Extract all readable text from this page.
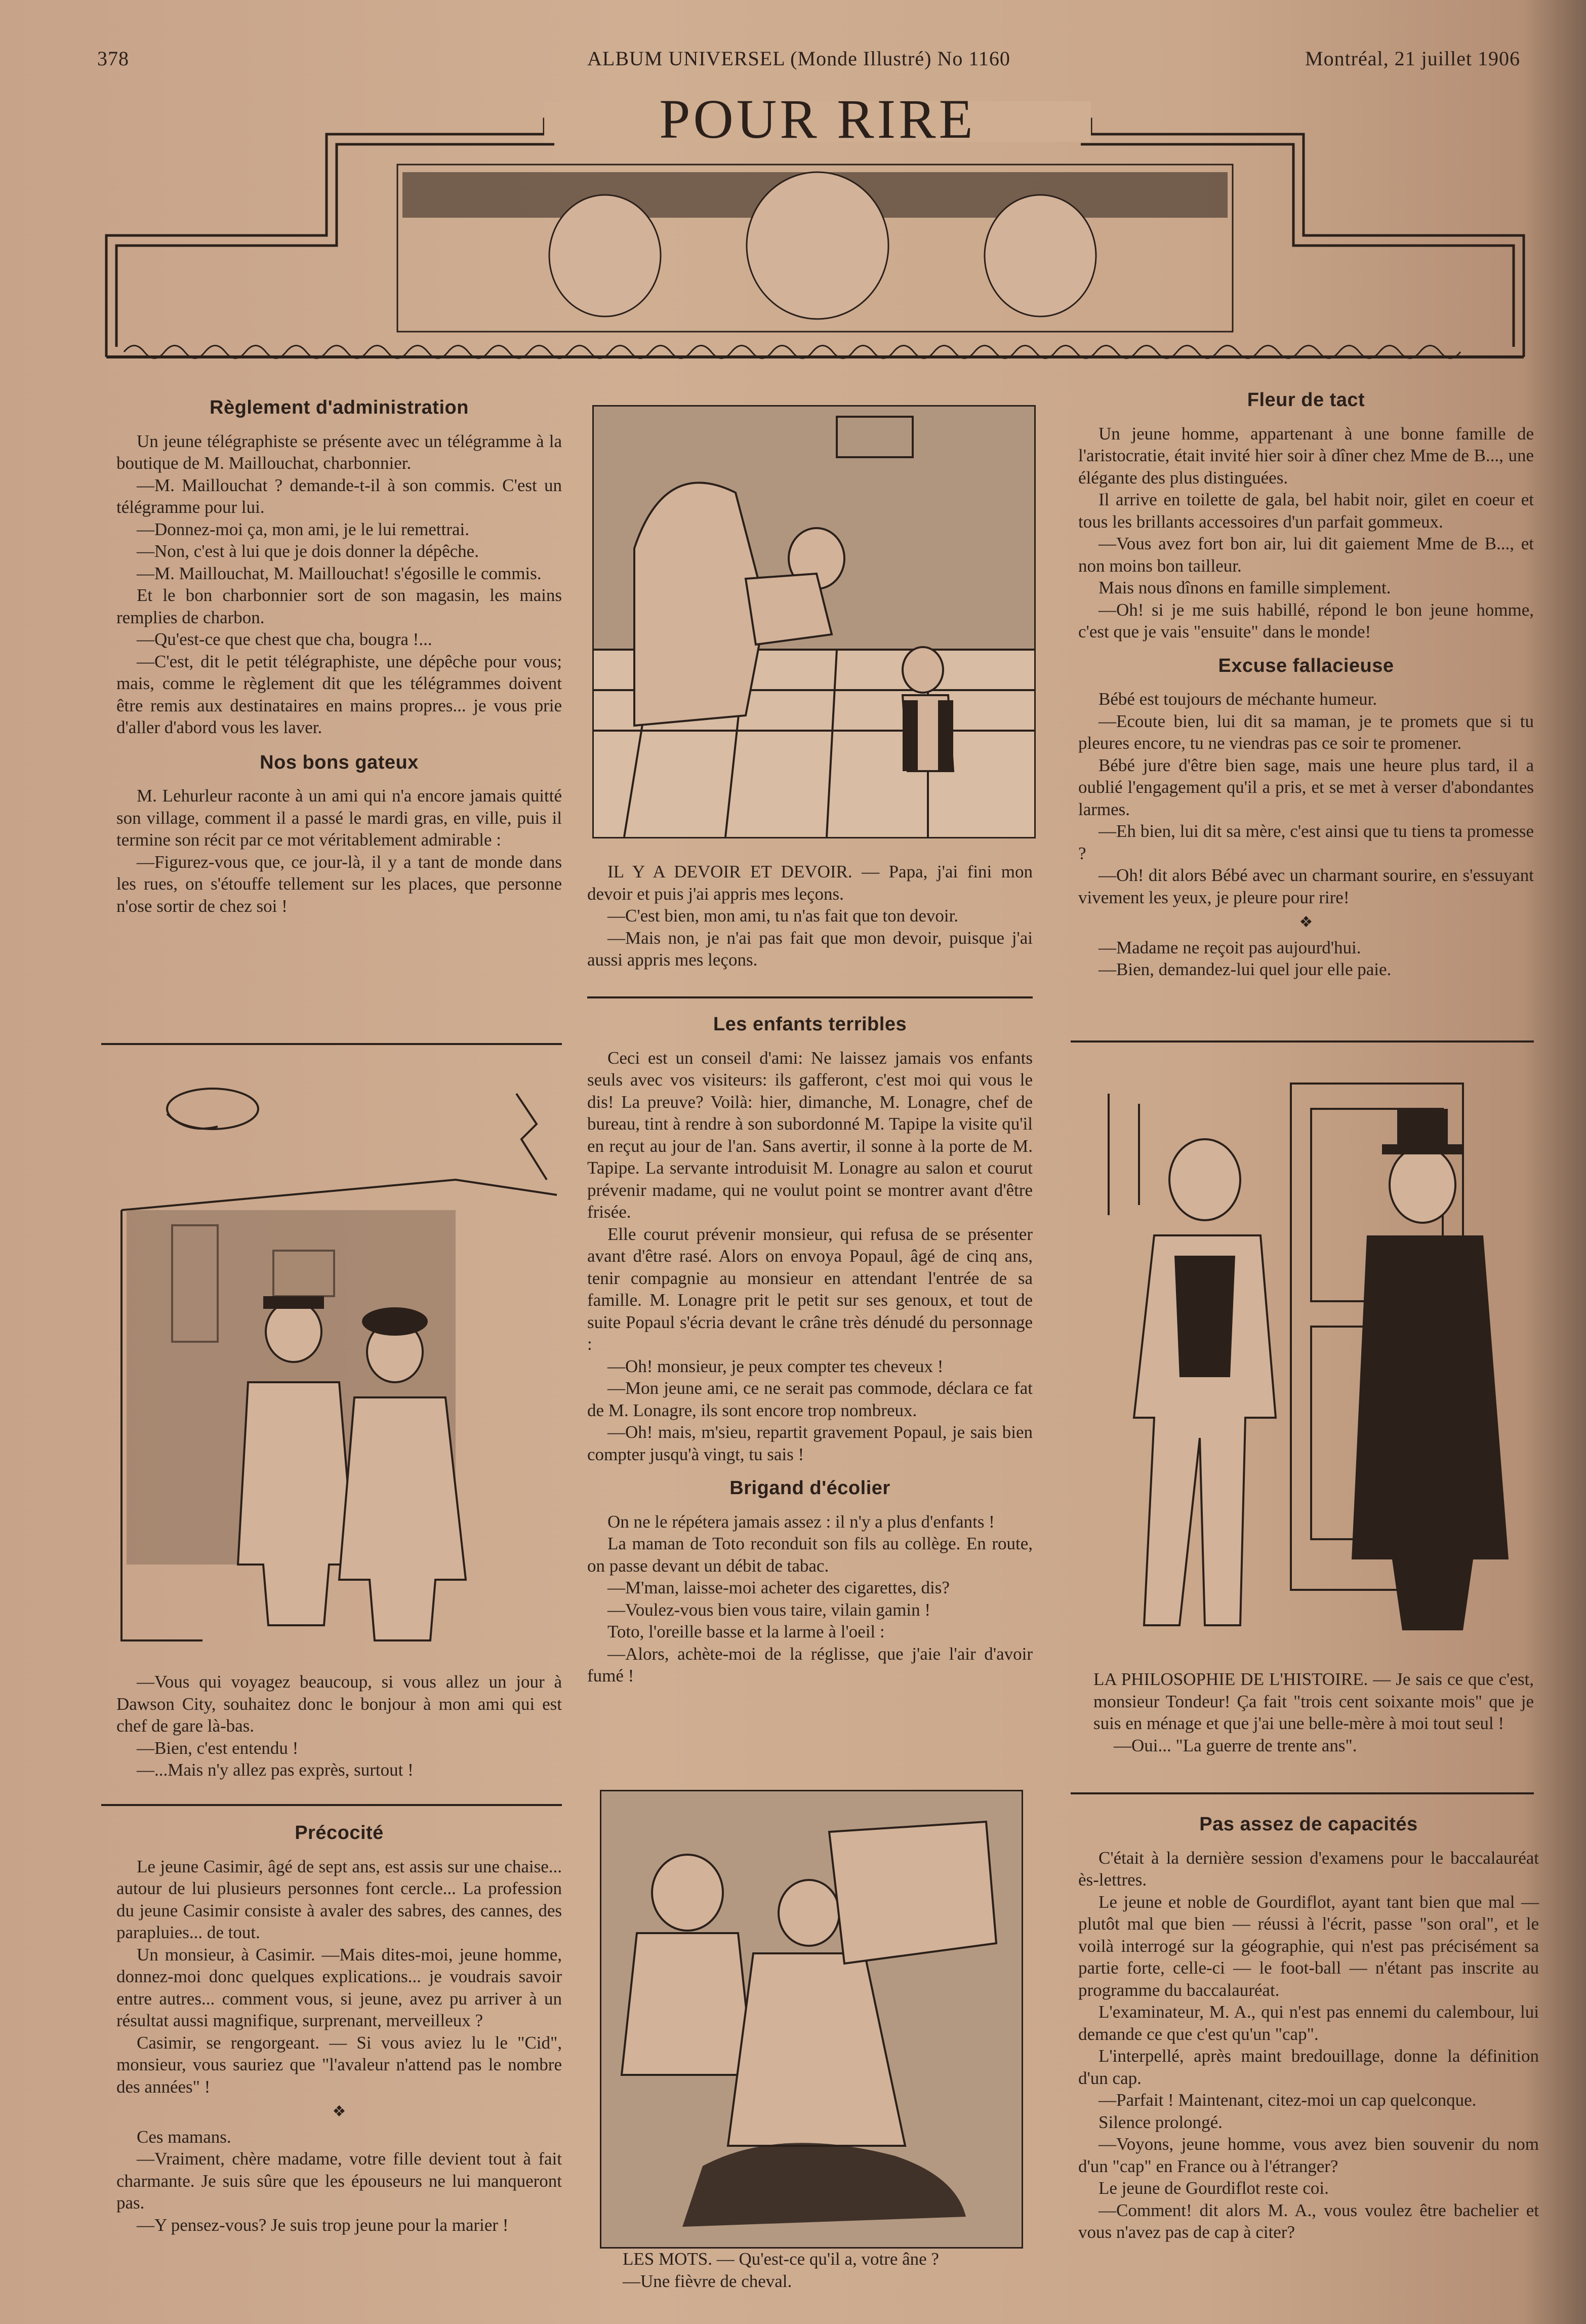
378	ALBUM UNIVERSEL (Monde Illustré) No 1160	Montréal, 21 juillet 1906
POUR RIRE
Règlement d'administration

Un jeune télégraphiste se présente avec un télégramme à la boutique de M. Maillouchat, charbonnier.

—M. Maillouchat ? demande-t-il à son commis. C'est un télégramme pour lui.

—Donnez-moi ça, mon ami, je le lui remettrai.

—Non, c'est à lui que je dois donner la dépêche.

—M. Maillouchat, M. Maillouchat! s'égosille le commis.

Et le bon charbonnier sort de son magasin, les mains remplies de charbon.

—Qu'est-ce que chest que cha, bougra !...

—C'est, dit le petit télégraphiste, une dépêche pour vous; mais, comme le règlement dit que les télégrammes doivent être remis aux destinataires en mains propres... je vous prie d'aller d'abord vous les laver.

Nos bons gateux

M. Lehurleur raconte à un ami qui n'a encore jamais quitté son village, comment il a passé le mardi gras, en ville, puis il termine son récit par ce mot véritablement admirable :

—Figurez-vous que, ce jour-là, il y a tant de monde dans les rues, on s'étouffe tellement sur les places, que personne n'ose sortir de chez soi !

—Vous qui voyagez beaucoup, si vous allez un jour à Dawson City, souhaitez donc le bonjour à mon ami qui est chef de gare là-bas.

—Bien, c'est entendu !

—...Mais n'y allez pas exprès, surtout !

Précocité

Le jeune Casimir, âgé de sept ans, est assis sur une chaise... autour de lui plusieurs personnes font cercle... La profession du jeune Casimir consiste à avaler des sabres, des cannes, des parapluies... de tout.

Un monsieur, à Casimir. —Mais dites-moi, jeune homme, donnez-moi donc quelques explications... je voudrais savoir entre autres... comment vous, si jeune, avez pu arriver à un résultat aussi magnifique, surprenant, merveilleux ?

Casimir, se rengorgeant. — Si vous aviez lu le "Cid", monsieur, vous sauriez que "l'avaleur n'attend pas le nombre des années" !

❖

Ces mamans.

—Vraiment, chère madame, votre fille devient tout à fait charmante. Je suis sûre que les épouseurs ne lui manqueront pas.

—Y pensez-vous? Je suis trop jeune pour la marier !

IL Y A DEVOIR ET DEVOIR. — Papa, j'ai fini mon devoir et puis j'ai appris mes leçons.

—C'est bien, mon ami, tu n'as fait que ton devoir.

—Mais non, je n'ai pas fait que mon devoir, puisque j'ai aussi appris mes leçons.

Les enfants terribles

Ceci est un conseil d'ami: Ne laissez jamais vos enfants seuls avec vos visiteurs: ils gafferont, c'est moi qui vous le dis! La preuve? Voilà: hier, dimanche, M. Lonagre, chef de bureau, tint à rendre à son subordonné M. Tapipe la visite qu'il en reçut au jour de l'an. Sans avertir, il sonne à la porte de M. Tapipe. La servante introduisit M. Lonagre au salon et courut prévenir madame, qui ne voulut point se montrer avant d'être frisée.

Elle courut prévenir monsieur, qui refusa de se présenter avant d'être rasé. Alors on envoya Popaul, âgé de cinq ans, tenir compagnie au monsieur en attendant l'entrée de sa famille. M. Lonagre prit le petit sur ses genoux, et tout de suite Popaul s'écria devant le crâne très dénudé du personnage :

—Oh! monsieur, je peux compter tes cheveux !

—Mon jeune ami, ce ne serait pas commode, déclara ce fat de M. Lonagre, ils sont encore trop nombreux.

—Oh! mais, m'sieu, repartit gravement Popaul, je sais bien compter jusqu'à vingt, tu sais !

Brigand d'écolier

On ne le répétera jamais assez : il n'y a plus d'enfants !

La maman de Toto reconduit son fils au collège. En route, on passe devant un débit de tabac.

—M'man, laisse-moi acheter des cigarettes, dis?

—Voulez-vous bien vous taire, vilain gamin !

Toto, l'oreille basse et la larme à l'oeil :

—Alors, achète-moi de la réglisse, que j'aie l'air d'avoir fumé !

LES MOTS. — Qu'est-ce qu'il a, votre âne ?

—Une fièvre de cheval.

Fleur de tact

Un jeune homme, appartenant à une bonne famille de l'aristocratie, était invité hier soir à dîner chez Mme de B..., une élégante des plus distinguées.

Il arrive en toilette de gala, bel habit noir, gilet en coeur et tous les brillants accessoires d'un parfait gommeux.

—Vous avez fort bon air, lui dit gaiement Mme de B..., et non moins bon tailleur.

Mais nous dînons en famille simplement.

—Oh! si je me suis habillé, répond le bon jeune homme, c'est que je vais "ensuite" dans le monde!

Excuse fallacieuse

Bébé est toujours de méchante humeur.

—Ecoute bien, lui dit sa maman, je te promets que si tu pleures encore, tu ne viendras pas ce soir te promener.

Bébé jure d'être bien sage, mais une heure plus tard, il a oublié l'engagement qu'il a pris, et se met à verser d'abondantes larmes.

—Eh bien, lui dit sa mère, c'est ainsi que tu tiens ta promesse ?

—Oh! dit alors Bébé avec un charmant sourire, en s'essuyant vivement les yeux, je pleure pour rire!

❖

—Madame ne reçoit pas aujourd'hui.

—Bien, demandez-lui quel jour elle paie.

LA PHILOSOPHIE DE L'HISTOIRE. — Je sais ce que c'est, monsieur Tondeur! Ça fait "trois cent soixante mois" que je suis en ménage et que j'ai une belle-mère à moi tout seul !

—Oui... "La guerre de trente ans".

Pas assez de capacités

C'était à la dernière session d'examens pour le baccalauréat ès-lettres.

Le jeune et noble de Gourdiflot, ayant tant bien que mal — plutôt mal que bien — réussi à l'écrit, passe "son oral", et le voilà interrogé sur la géographie, qui n'est pas précisément sa partie forte, celle-ci — le foot-ball — n'étant pas inscrite au programme du baccalauréat.

L'examinateur, M. A., qui n'est pas ennemi du calembour, lui demande ce que c'est qu'un "cap".

L'interpellé, après maint bredouillage, donne la définition d'un cap.

—Parfait ! Maintenant, citez-moi un cap quelconque.

Silence prolongé.

—Voyons, jeune homme, vous avez bien souvenir du nom d'un "cap" en France ou à l'étranger?

Le jeune de Gourdiflot reste coi.

—Comment! dit alors M. A., vous voulez être bachelier et vous n'avez pas de cap à citer?
